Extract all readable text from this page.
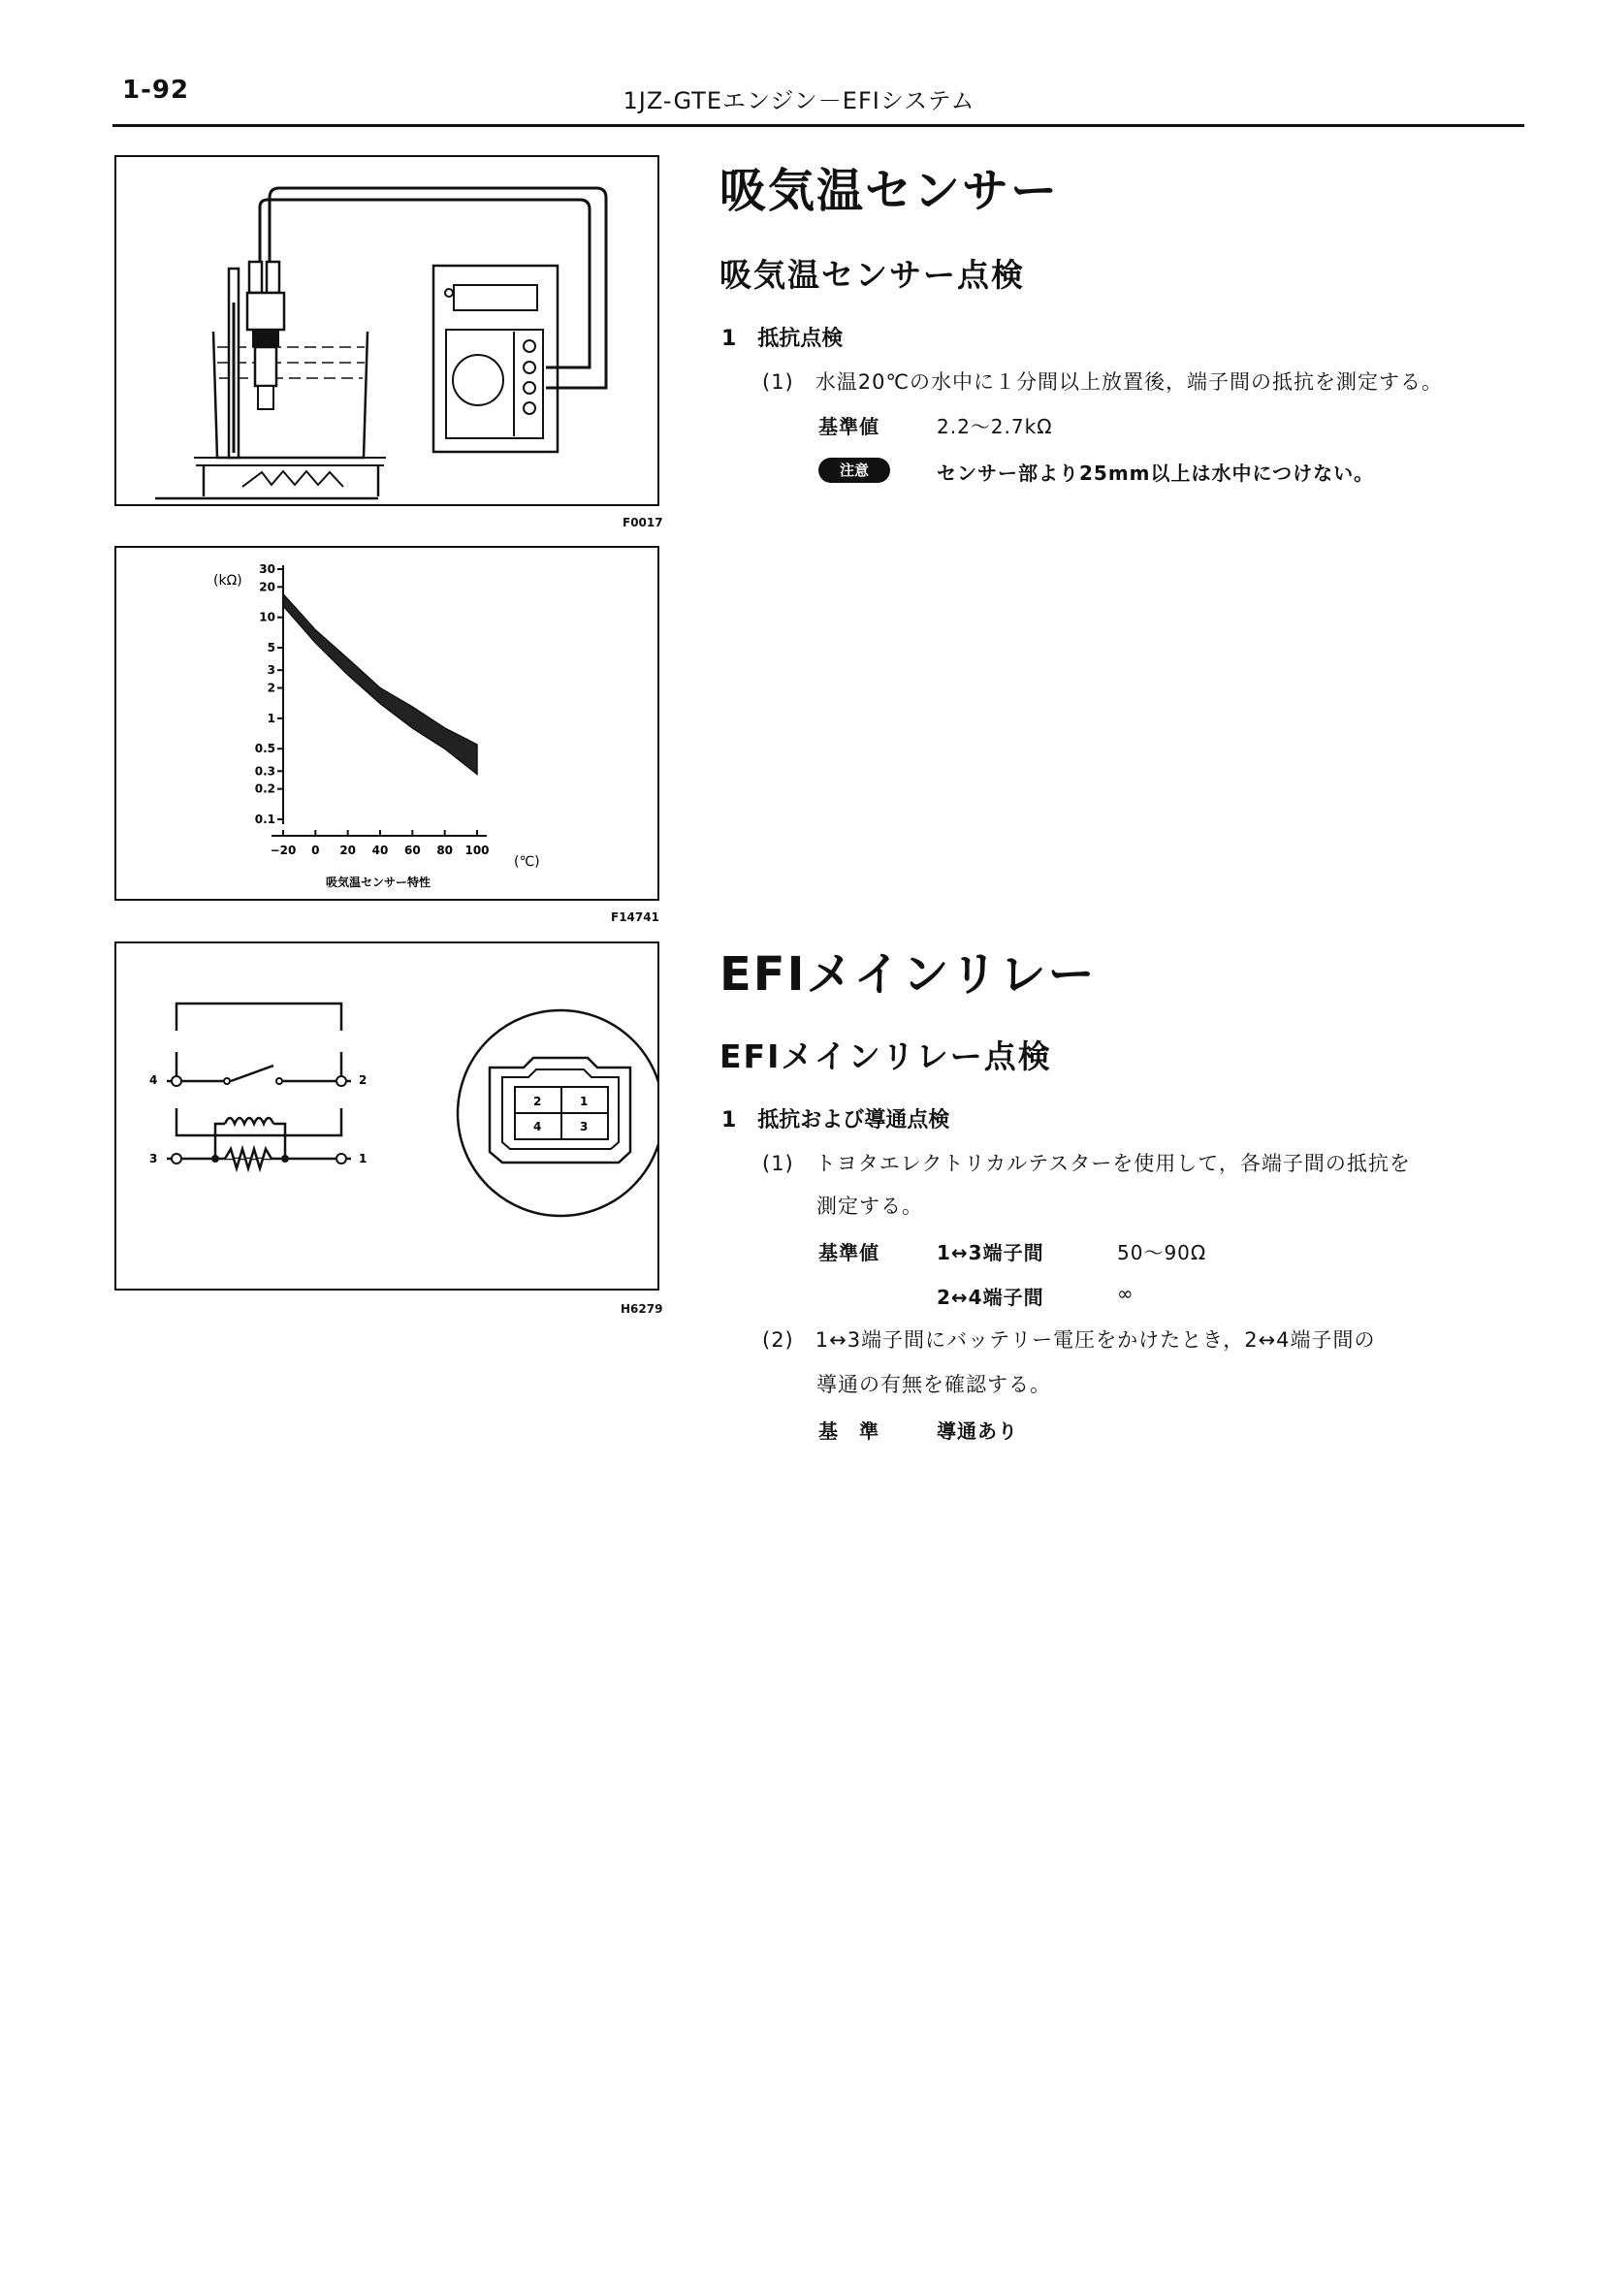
1-92	1JZ-GTEエンジン－EFIシステム
F0017
30
20
10
5
3
2
1
0.5
0.3
0.2
0.1
−20 0 20 40 60 80 100
(kΩ)
(℃)
吸気温センサー特性
F14741
4	2
3	1
2	1
4	3
H6279
吸気温センサー
吸気温センサー点検
1　抵抗点検
(1)　水温20℃の水中に１分間以上放置後，端子間の抵抗を測定する。
基準値	2.2～2.7kΩ
注意	センサー部より25mm以上は水中につけない。
EFIメインリレー
EFIメインリレー点検
1　抵抗および導通点検
(1)　トヨタエレクトリカルテスターを使用して，各端子間の抵抗を
測定する。
基準値	1↔3端子間	50～90Ω
2↔4端子間	∞
(2)　1↔3端子間にバッテリー電圧をかけたとき，2↔4端子間の
導通の有無を確認する。
基　準	導通あり
